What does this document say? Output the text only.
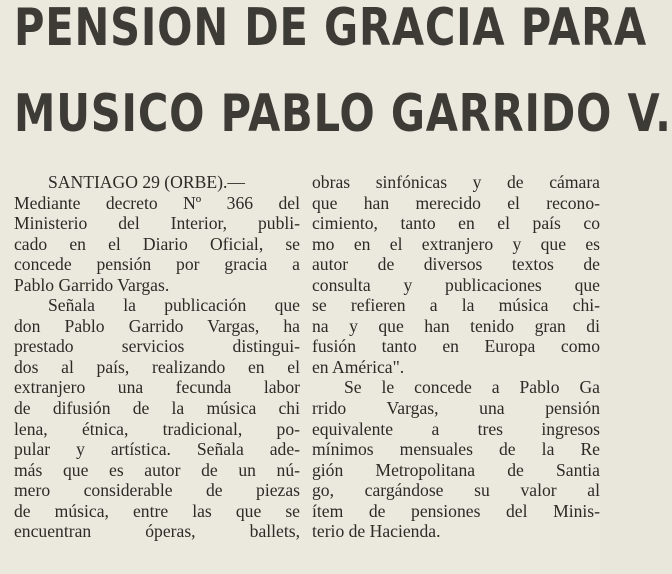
PENSION DE GRACIA PARA
MUSICO PABLO GARRIDO V.
SANTIAGO 29 (ORBE).—
Mediante decreto Nº 366 del
Ministerio del Interior, publi-
cado en el Diario Oficial, se
concede pensión por gracia a
Pablo Garrido Vargas.
Señala la publicación que
don Pablo Garrido Vargas, ha
prestado servicios distingui-
dos al país, realizando en el
extranjero una fecunda labor
de difusión de la música chi
lena, étnica, tradicional, po-
pular y artística. Señala ade-
más que es autor de un nú-
mero considerable de piezas
de música, entre las que se
encuentran óperas, ballets,
obras sinfónicas y de cámara
que han merecido el recono-
cimiento, tanto en el país co
mo en el extranjero y que es
autor de diversos textos de
consulta y publicaciones que
se refieren a la música chi-
na y que han tenido gran di
fusión tanto en Europa como
en América".
Se le concede a Pablo Ga
rrido Vargas, una pensión
equivalente a tres ingresos
mínimos mensuales de la Re
gión Metropolitana de Santia
go, cargándose su valor al
ítem de pensiones del Minis-
terio de Hacienda.
